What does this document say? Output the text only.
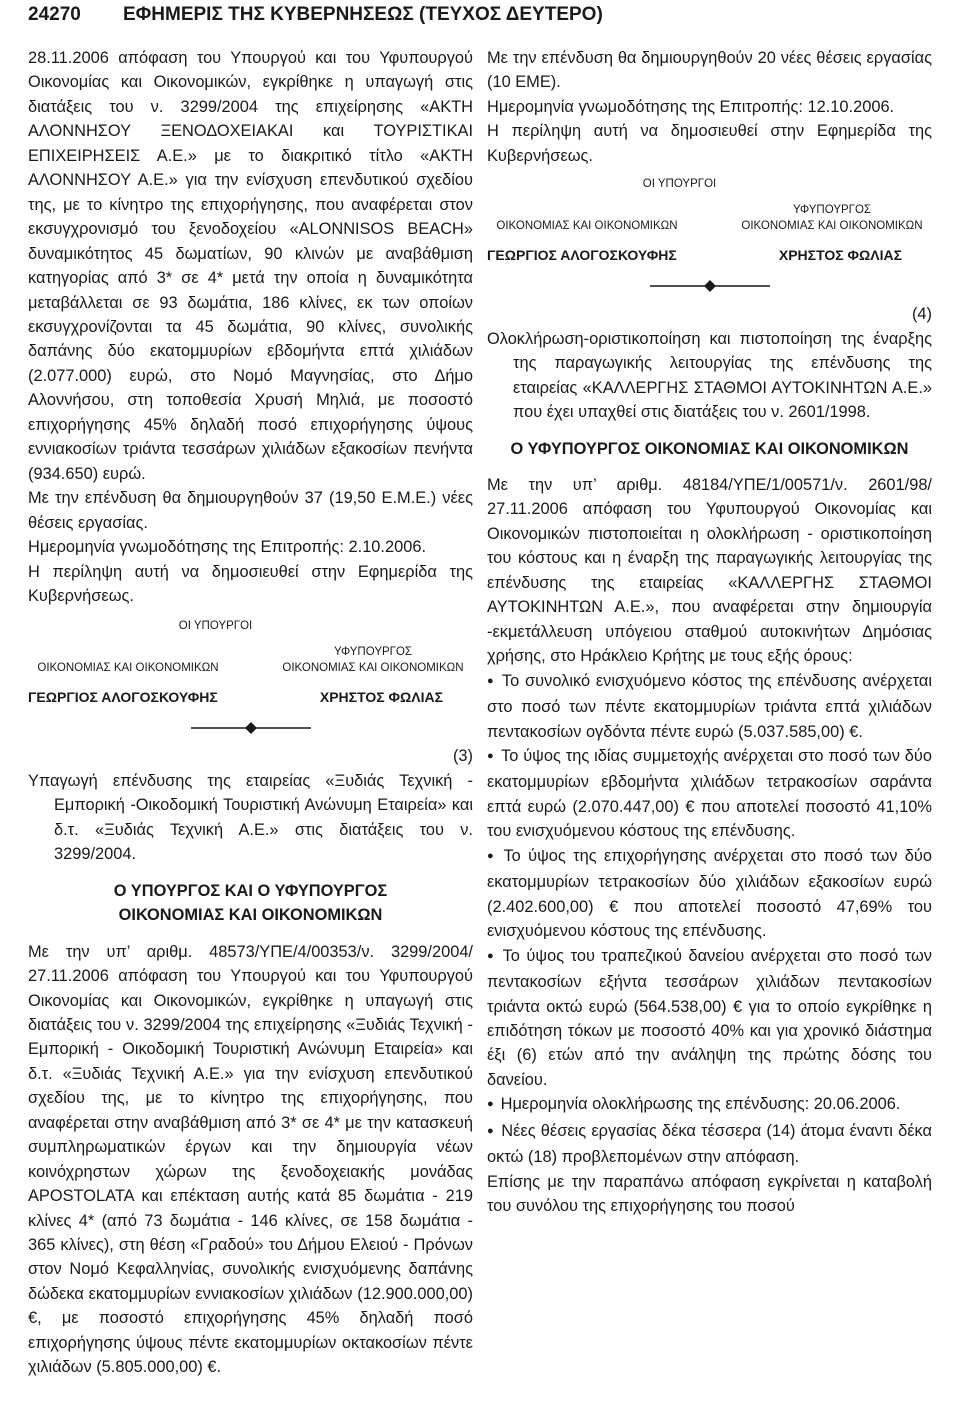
24270 ΕΦΗΜΕΡΙΣ ΤΗΣ ΚΥΒΕΡΝΗΣΕΩΣ (ΤΕΥΧΟΣ ΔΕΥΤΕΡΟ)

28.11.2006 απόφαση του Υπουργού και του Υφυπουργού Οικονομίας και Οικονομικών, εγκρίθηκε η υπαγωγή στις διατάξεις του ν. 3299/2004 της επιχείρησης «ΑΚΤΗ ΑΛΟΝΝΗΣΟΥ ΞΕΝΟΔΟΧΕΙΑΚΑΙ και ΤΟΥΡΙΣΤΙΚΑΙ ΕΠΙΧΕΙΡΗΣΕΙΣ Α.Ε.» με το διακριτικό τίτλο «ΑΚΤΗ ΑΛΟΝΝΗΣΟΥ Α.Ε.» για την ενίσχυση επενδυτικού σχεδίου της, με το κίνητρο της επιχορήγησης, που αναφέρεται στον εκσυγχρονισμό του ξενοδοχείου «ALONNISOS BEACH» δυναμικότητος 45 δωματίων, 90 κλινών με αναβάθμιση κατηγορίας από 3* σε 4* μετά την οποία η δυναμικότητα μεταβάλλεται σε 93 δωμάτια, 186 κλίνες, εκ των οποίων εκσυγχρονίζονται τα 45 δωμάτια, 90 κλίνες, συνολικής δαπάνης δύο εκατομμυρίων εβδομήντα επτά χιλιάδων (2.077.000) ευρώ, στο Νομό Μαγνησίας, στο Δήμο Αλοννήσου, στη τοποθεσία Χρυσή Μηλιά, με ποσοστό επιχορήγησης 45% δηλαδή ποσό επιχορήγησης ύψους εννιακοσίων τριάντα τεσσάρων χιλιάδων εξακοσίων πενήντα (934.650) ευρώ.

Με την επένδυση θα δημιουργηθούν 37 (19,50 Ε.Μ.Ε.) νέες θέσεις εργασίας.

Ημερομηνία γνωμοδότησης της Επιτροπής: 2.10.2006.

Η περίληψη αυτή να δημοσιευθεί στην Εφημερίδα της Κυβερνήσεως.

ΟΙ ΥΠΟΥΡΓΟΙ
ΟΙΚΟΝΟΜΙΑΣ ΚΑΙ ΟΙΚΟΝΟΜΙΚΩΝ
ΥΦΥΠΟΥΡΓΟΣ
ΟΙΚΟΝΟΜΙΑΣ ΚΑΙ ΟΙΚΟΝΟΜΙΚΩΝ
ΓΕΩΡΓΙΟΣ ΑΛΟΓΟΣΚΟΥΦΗΣ	ΧΡΗΣΤΟΣ ΦΩΛΙΑΣ

(3)

Υπαγωγή επένδυσης της εταιρείας «Ξυδιάς Τεχνική - Εμπορική -Οικοδομική Τουριστική Ανώνυμη Εταιρεία» και δ.τ. «Ξυδιάς Τεχνική Α.Ε.» στις διατάξεις του ν. 3299/2004.

Ο ΥΠΟΥΡΓΟΣ ΚΑΙ Ο ΥΦΥΠΟΥΡΓΟΣ
ΟΙΚΟΝΟΜΙΑΣ ΚΑΙ ΟΙΚΟΝΟΜΙΚΩΝ

Με την υπ’ αριθμ. 48573/ΥΠΕ/4/00353/ν. 3299/2004/ 27.11.2006 απόφαση του Υπουργού και του Υφυπουργού Οικονομίας και Οικονομικών, εγκρίθηκε η υπαγωγή στις διατάξεις του ν. 3299/2004 της επιχείρησης «Ξυδιάς Τεχνική - Εμπορική - Οικοδομική Τουριστική Ανώνυμη Εταιρεία» και δ.τ. «Ξυδιάς Τεχνική Α.Ε.» για την ενίσχυση επενδυτικού σχεδίου της, με το κίνητρο της επιχορήγησης, που αναφέρεται στην αναβάθμιση από 3* σε 4* με την κατασκευή συμπληρωματικών έργων και την δημιουργία νέων κοινόχρηστων χώρων της ξενοδοχειακής μονάδας APOSTOLATA και επέκταση αυτής κατά 85 δωμάτια - 219 κλίνες 4* (από 73 δωμάτια - 146 κλίνες, σε 158 δωμάτια - 365 κλίνες), στη θέση «Γραδού» του Δήμου Ελειού - Πρόνων στον Νομό Κεφαλληνίας, συνολικής ενισχυόμενης δαπάνης δώδεκα εκατομμυρίων εννιακοσίων χιλιάδων (12.900.000,00) €, με ποσοστό επιχορήγησης 45% δηλαδή ποσό επιχορήγησης ύψους πέντε εκατομμυρίων οκτακοσίων πέντε χιλιάδων (5.805.000,00) €.

Με την επένδυση θα δημιουργηθούν 20 νέες θέσεις εργασίας (10 ΕΜΕ).

Ημερομηνία γνωμοδότησης της Επιτροπής: 12.10.2006.

Η περίληψη αυτή να δημοσιευθεί στην Εφημερίδα της Κυβερνήσεως.

ΟΙ ΥΠΟΥΡΓΟΙ
ΟΙΚΟΝΟΜΙΑΣ ΚΑΙ ΟΙΚΟΝΟΜΙΚΩΝ
ΥΦΥΠΟΥΡΓΟΣ
ΟΙΚΟΝΟΜΙΑΣ ΚΑΙ ΟΙΚΟΝΟΜΙΚΩΝ
ΓΕΩΡΓΙΟΣ ΑΛΟΓΟΣΚΟΥΦΗΣ	ΧΡΗΣΤΟΣ ΦΩΛΙΑΣ

(4)

Ολοκλήρωση-οριστικοποίηση και πιστοποίηση της έναρξης της παραγωγικής λειτουργίας της επένδυσης της εταιρείας «ΚΑΛΛΕΡΓΗΣ ΣΤΑΘΜΟΙ ΑΥΤΟΚΙΝΗΤΩΝ Α.Ε.» που έχει υπαχθεί στις διατάξεις του ν. 2601/1998.

Ο ΥΦΥΠΟΥΡΓΟΣ ΟΙΚΟΝΟΜΙΑΣ ΚΑΙ ΟΙΚΟΝΟΜΙΚΩΝ

Με την υπ’ αριθμ. 48184/ΥΠΕ/1/00571/ν. 2601/98/ 27.11.2006 απόφαση του Υφυπουργού Οικονομίας και Οικονομικών πιστοποιείται η ολοκλήρωση - οριστικοποίηση του κόστους και η έναρξη της παραγωγικής λειτουργίας της επένδυσης της εταιρείας «ΚΑΛΛΕΡΓΗΣ ΣΤΑΘΜΟΙ ΑΥΤΟΚΙΝΗΤΩΝ Α.Ε.», που αναφέρεται στην δημιουργία -εκμετάλλευση υπόγειου σταθμού αυτοκινήτων Δημόσιας χρήσης, στο Ηράκλειο Κρήτης με τους εξής όρους:

● Το συνολικό ενισχυόμενο κόστος της επένδυσης ανέρχεται στο ποσό των πέντε εκατομμυρίων τριάντα επτά χιλιάδων πεντακοσίων ογδόντα πέντε ευρώ (5.037.585,00) €.

● Το ύψος της ιδίας συμμετοχής ανέρχεται στο ποσό των δύο εκατομμυρίων εβδομήντα χιλιάδων τετρακοσίων σαράντα επτά ευρώ (2.070.447,00) € που αποτελεί ποσοστό 41,10% του ενισχυόμενου κόστους της επένδυσης.

● Το ύψος της επιχορήγησης ανέρχεται στο ποσό των δύο εκατομμυρίων τετρακοσίων δύο χιλιάδων εξακοσίων ευρώ (2.402.600,00) € που αποτελεί ποσοστό 47,69% του ενισχυόμενου κόστους της επένδυσης.

● Το ύψος του τραπεζικού δανείου ανέρχεται στο ποσό των πεντακοσίων εξήντα τεσσάρων χιλιάδων πεντακοσίων τριάντα οκτώ ευρώ (564.538,00) € για το οποίο εγκρίθηκε η επιδότηση τόκων με ποσοστό 40% και για χρονικό διάστημα έξι (6) ετών από την ανάληψη της πρώτης δόσης του δανείου.

● Ημερομηνία ολοκλήρωσης της επένδυσης: 20.06.2006.

● Νέες θέσεις εργασίας δέκα τέσσερα (14) άτομα έναντι δέκα οκτώ (18) προβλεπομένων στην απόφαση.

Επίσης με την παραπάνω απόφαση εγκρίνεται η καταβολή του συνόλου της επιχορήγησης του ποσού
